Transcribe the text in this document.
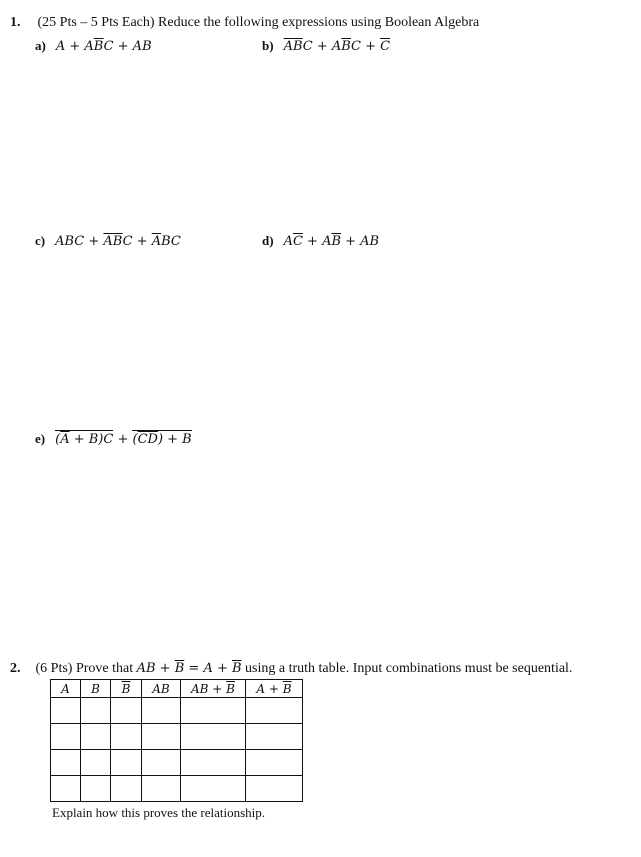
1. (25 Pts – 5 Pts Each) Reduce the following expressions using Boolean Algebra
a) $A + A\overline{B}C$ + AB	b) $\overline{A}\overline{B}C + A\overline{B}C + \overline{C}$
c) ABC + $\overline{A}\overline{B}C + \overline{A}BC$	d) $A\overline{C} + A\overline{B}$ + AB
e) $(\overline{A} + B)C + (\overline{CD}) + B$
2. (6 Pts) Prove that AB + $\overline{B} = A + \overline{B}$ using a truth table. Input combinations must be sequential.
A	B	$\overline{B}$	AB	AB + $\overline{B}$	$A + \overline{B}$

Explain how this proves the relationship.
